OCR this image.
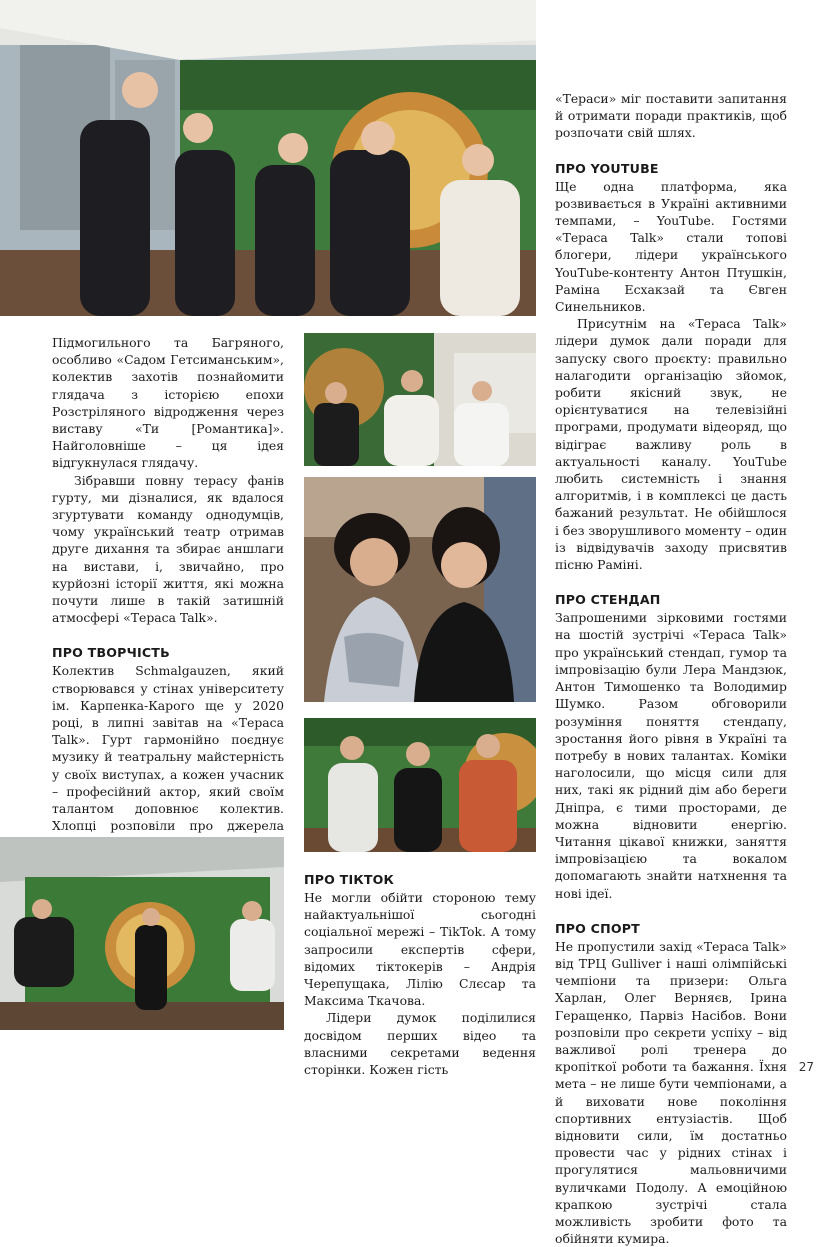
Підмогильного та Багряного, особливо «Садом Гетсиманським», колектив захотів познайомити глядача з історією епохи Розстріляного відродження через виставу «Ти [Романтика]». Найголовніше – ця ідея відгукнулася глядачу.

Зібравши повну терасу фанів гурту, ми дізналися, як вдалося згуртувати команду однодумців, чому український театр отримав друге дихання та збирає аншлаги на вистави, і, звичайно, про курйозні історії життя, які можна почути лише в такій затишній атмосфері «Тераса Talk».

ПРО ТВОРЧІСТЬ

Колектив Schmalgauzen, який створювався у стінах університету ім. Карпенка-Карого ще у 2020 році, в липні завітав на «Тераса Talk». Гурт гармонійно поєднує музику й театральну майстерність у своїх виступах, а кожен учасник – професійний актор, який своїм талантом доповнює колектив. Хлопці розповіли про джерела

ПРО ТІКТОК

Не могли обійти стороною тему найактуальнішої сьогодні соціальної мережі – TikTok. А тому запросили експертів сфери, відомих тіктокерів – Андрія Черепущака, Лілію Слєсар та Максима Ткачова.

Лідери думок поділилися досвідом перших відео та власними секретами ведення сторінки. Кожен гість

«Тераси» міг поставити запитання й отримати поради практиків, щоб розпочати свій шлях.

ПРО YOUTUBE

Ще одна платформа, яка розвивається в Україні активними темпами, – YouTube. Гостями «Тераса Talk» стали топові блогери, лідери українського YouTube-контенту Антон Птушкін, Раміна Есхакзай та Євген Синельников.

Присутнім на «Тераса Talk» лідери думок дали поради для запуску свого проєкту: правильно налагодити організацію зйомок, робити якісний звук, не орієнтуватися на телевізійні програми, продумати відеоряд, що відіграє важливу роль в актуальності каналу. YouTube любить системність і знання алгоритмів, і в комплексі це дасть бажаний результат. Не обійшлося і без зворушливого моменту – один із відвідувачів заходу присвятив пісню Раміні.

ПРО СТЕНДАП

Запрошеними зірковими гостями на шостій зустрічі «Тераса Talk» про український стендап, гумор та імпровізацію були Лера Мандзюк, Антон Тимошенко та Володимир Шумко. Разом обговорили розуміння поняття стендапу, зростання його рівня в Україні та потребу в нових талантах. Коміки наголосили, що місця сили для них, такі як рідний дім або береги Дніпра, є тими просторами, де можна відновити енергію. Читання цікавої книжки, заняття імпровізацією та вокалом допомагають знайти натхнення та нові ідеї.

ПРО СПОРТ

Не пропустили захід «Тераса Talk» від ТРЦ Gulliver і наші олімпійські чемпіони та призери: Ольга Харлан, Олег Верняєв, Ірина Геращенко, Парвіз Насібов. Вони розповіли про секрети успіху – від важливої ролі тренера до кропіткої роботи та бажання. Їхня мета – не лише бути чемпіонами, а й виховати нове покоління спортивних ентузіастів. Щоб відновити сили, їм достатньо провести час у рідних стінах і прогулятися мальовничими вуличками Подолу. А емоційною крапкою зустрічі стала можливість зробити фото та обійняти кумира.

27
